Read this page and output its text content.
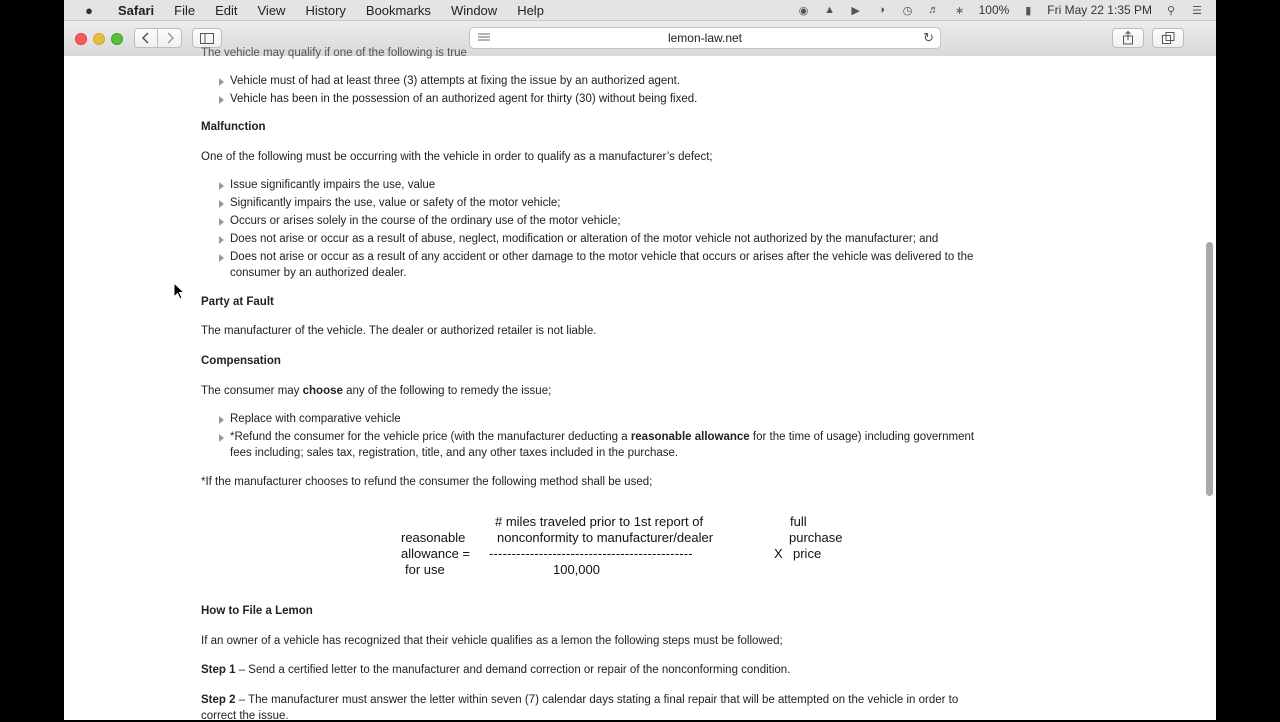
● Safari File Edit View History Bookmarks Window Help	◉ ▲ ▶	◑	◷ ♬ ∗ 100%	▮	Fri May 22 1:35 PM ⚲ ☰
lemon-law.net	↻
The vehicle may qualify if one of the following is true
Vehicle must of had at least three (3) attempts at fixing the issue by an authorized agent.
Vehicle has been in the possession of an authorized agent for thirty (30) without being fixed.
Malfunction
One of the following must be occurring with the vehicle in order to qualify as a manufacturer’s defect;
Issue significantly impairs the use, value
Significantly impairs the use, value or safety of the motor vehicle;
Occurs or arises solely in the course of the ordinary use of the motor vehicle;
Does not arise or occur as a result of abuse, neglect, modification or alteration of the motor vehicle not authorized by the manufacturer; and
Does not arise or occur as a result of any accident or other damage to the motor vehicle that occurs or arises after the vehicle was delivered to the
consumer by an authorized dealer.
Party at Fault
The manufacturer of the vehicle. The dealer or authorized retailer is not liable.
Compensation
The consumer may choose any of the following to remedy the issue;
Replace with comparative vehicle
*Refund the consumer for the vehicle price (with the manufacturer deducting a reasonable allowance for the time of usage) including government
fees including; sales tax, registration, title, and any other taxes included in the purchase.
*If the manufacturer chooses to refund the consumer the following method shall be used;
reasonable
allowance =
for use
# miles traveled prior to 1st report of
nonconformity to manufacturer/dealer
---------------------------------------------
100,000
X
full
purchase
price
How to File a Lemon
If an owner of a vehicle has recognized that their vehicle qualifies as a lemon the following steps must be followed;
Step 1 – Send a certified letter to the manufacturer and demand correction or repair of the nonconforming condition.
Step 2 – The manufacturer must answer the letter within seven (7) calendar days stating a final repair that will be attempted on the vehicle in order to
correct the issue.
